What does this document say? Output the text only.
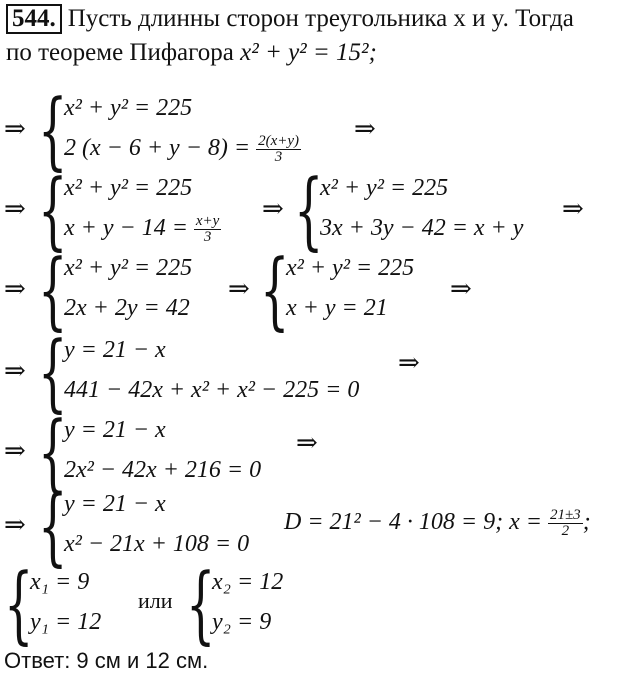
544. Пусть длинны сторон треугольника x и y. Тогда
по теореме Пифагора x² + y² = 15²;
⇒ {
x² + y² = 225
2 $(x - 6 + y - 8) = \frac{2(x+y)}{3}$
⇒
⇒ {
x² + y² = 225
$x + y - 14 = \frac{x+y}{3}$
⇒ {
x² + y² = 225
3x + 3y − 42 = x + y
⇒
⇒ {
x² + y² = 225
2x + 2y = 42
⇒ {
x² + y² = 225
x + y = 21
⇒
⇒ {
y = 21 − x
441 − 42x + x² + x² − 225 = 0
⇒
⇒ {
y = 21 − x
2x² − 42x + 216 = 0
⇒
⇒ {
y = 21 − x
x² − 21x + 108 = 0
D = 21² − 4 · 108 = 9; $x = \frac{21\pm 3}{2}$ ;
{
x₁ = 9
y₁ = 12
или {
x₂ = 12
y₂ = 9
Ответ: 9 см и 12 см.
